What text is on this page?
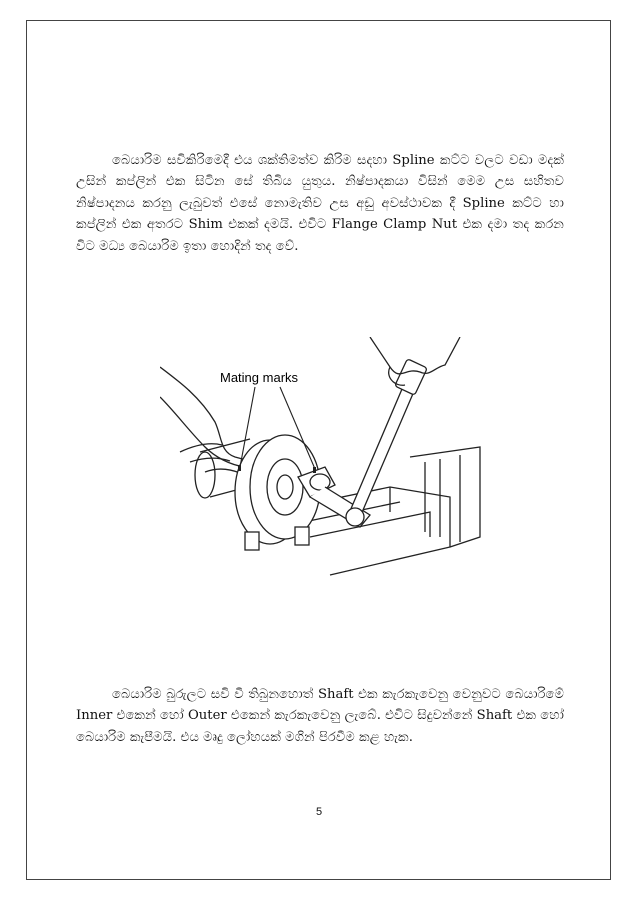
බෙයාරිම සවිකිරිමෙදී එය ශක්තිමත්ව කිරිම සදහා Spline කට්ට වලට වඩා මදක් උසින් කප්ලින් එක සිටින සේ තිබිය යුතුය. නිෂ්පාදකයා විසින් මෙම උස සහිතව නිෂ්පාදනය කරනු ලැබුවත් එසේ නොමැතිව උස අඩු අවස්ථාවක දී Spline කට්ට හා කප්ලින් එක අතරට Shim එකක් දමයි. එවිට Flange Clamp Nut එක දමා තද කරන විට මධ්‍ය බෙයාරිම ඉතා හොදින් තද වේ.

Mating marks

බෙයාරිම බුරුලට සවි වී තිබුනහොත් Shaft එක කැරකැවෙනු වෙනුවට බෙයාරිමේ Inner එකෙන් හෝ Outer එකෙන් කැරකැවෙනු ලැබේ. එවිට සිදුවන්නේ Shaft එක හෝ බෙයාරිම කැපීමයි. එය මෘදු ලෝහයක් මගින් පිරවීම කළ හැක.

5
